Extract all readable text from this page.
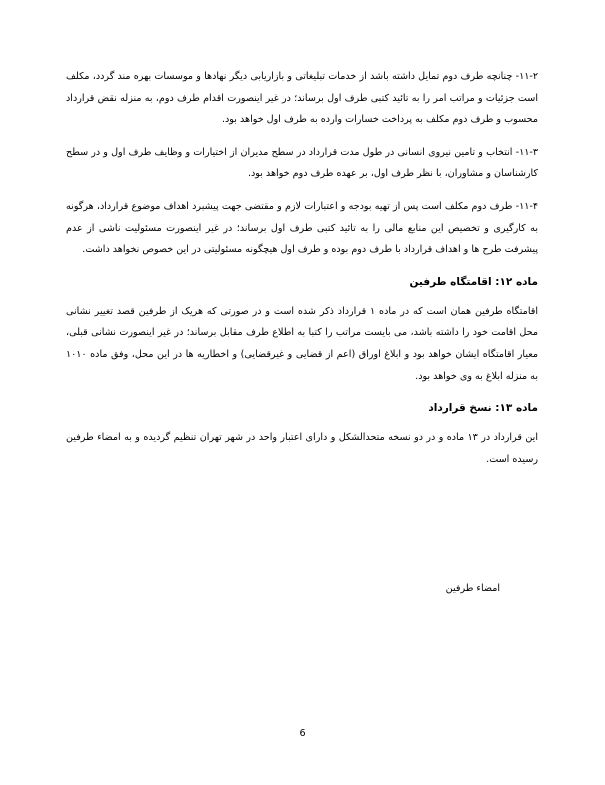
۱۱-۲- چنانچه طرف دوم تمایل داشته باشد از خدمات تبلیغاتی و بازاریابی دیگر نهادها و موسسات بهره مند گردد، مکلف است جزئیات و مراتب امر را به تائید کتبی طرف اول برساند؛ در غیر اینصورت اقدام طرف دوم، به منزله نقض قرارداد محسوب و طرف دوم مکلف به پرداخت خسارات وارده به طرف اول خواهد بود.

۱۱-۳- انتخاب و تامین نیروی انسانی در طول مدت قرارداد در سطح مدیران از اختیارات و وظایف طرف اول و در سطح کارشناسان و مشاوران، با نظر طرف اول، بر عهده طرف دوم خواهد بود.

۱۱-۴- طرف دوم مکلف است پس از تهیه بودجه و اعتبارات لازم و مقتضی جهت پیشبرد اهداف موضوع قرارداد، هرگونه به کارگیری و تخصیص این منابع مالی را به تائید کتبی طرف اول برساند؛ در غیر اینصورت مسئولیت ناشی از عدم پیشرفت طرح ها و اهداف قرارداد با طرف دوم بوده و طرف اول هیچگونه مسئولیتی در این خصوص نخواهد داشت.

ماده ۱۲: اقامتگاه طرفین

اقامتگاه طرفین همان است که در ماده ۱ قرارداد ذکر شده است و در صورتی که هریک از طرفین قصد تغییر نشانی محل اقامت خود را داشته باشد، می بایست مراتب را کتبا به اطلاع طرف مقابل برساند؛ در غیر اینصورت نشانی قبلی، معیار اقامتگاه ایشان خواهد بود و ابلاغ اوراق (اعم از قضایی و غیرقضایی) و اخطاریه ها در این محل، وفق ماده ۱۰۱۰ به منزله ابلاغ به وی خواهد بود.

ماده ۱۳: نسخ قرارداد

این قرارداد در ۱۳ ماده و در دو نسخه متحدالشکل و دارای اعتبار واحد در شهر تهران تنظیم گردیده و به امضاء طرفین رسیده است.

امضاء طرفین
6
